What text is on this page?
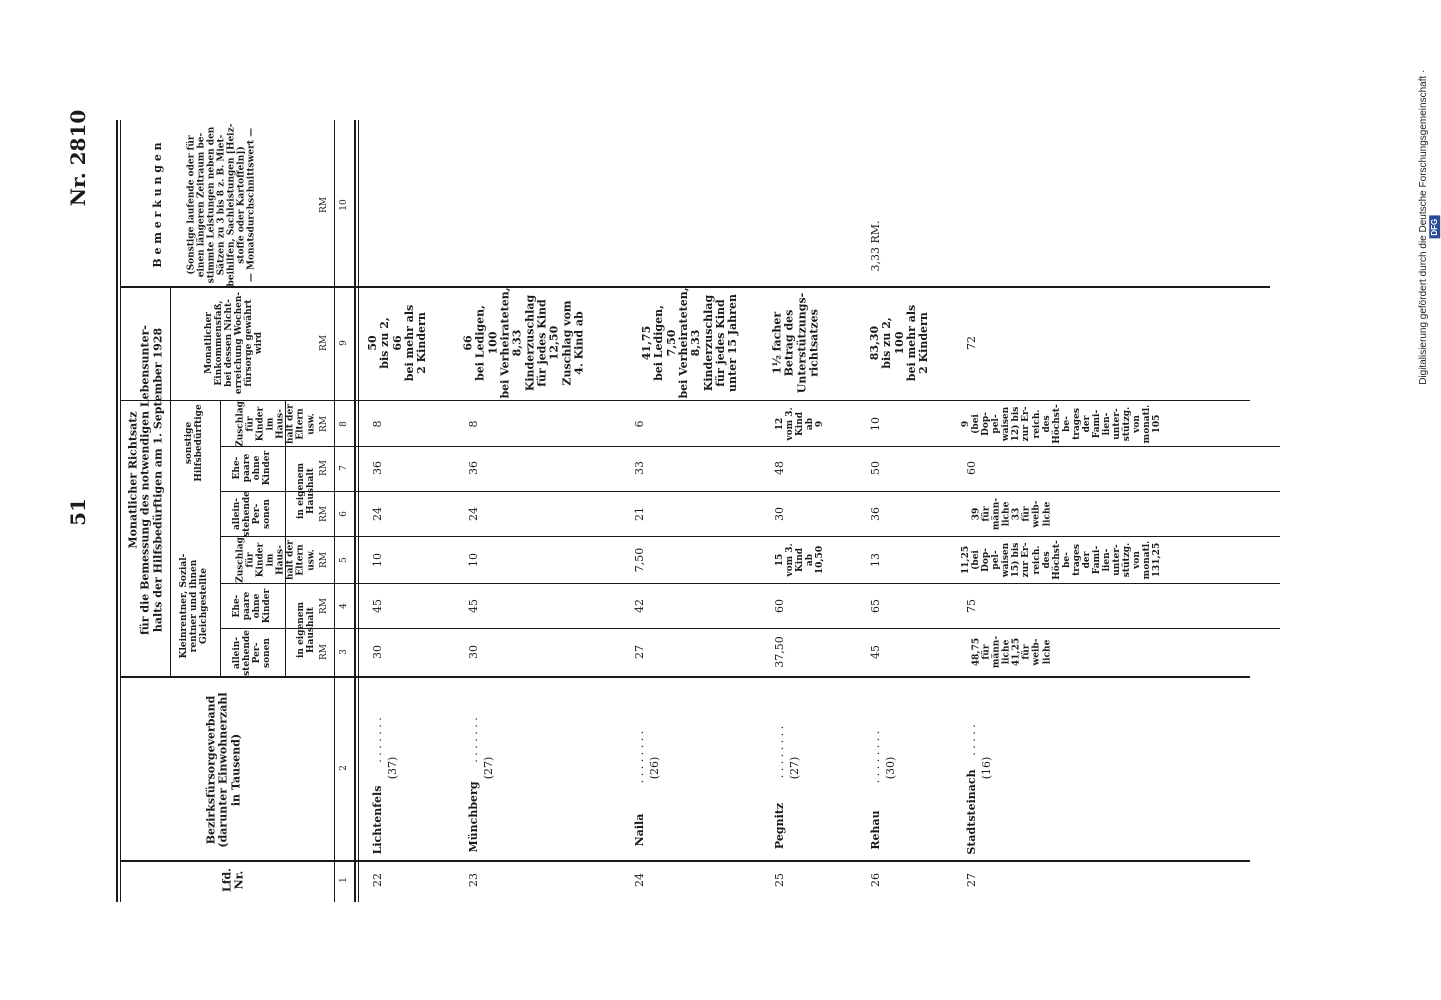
51
Nr. 2810	Digitalisierung gefördert durch die Deutsche Forschungsgemeinschaft ·
DFG

Lfd.
Nr.
Bezirksfürsorgeverband
(darunter Einwohnerzahl
in Tausend)
Monatlicher Richtsatz
für die Bemessung des notwendigen Lebensunter-
halts der Hilfsbedürftigen am 1. September 1928
Kleinrentner, Sozial-
rentner und ihnen
Gleichgestellte
sonstige
Hilfsbedürftige
allein-
stehende
Per-
sonen
Ehe-
paare
ohne
Kinder
Zuschlag
für
Kinder
im
Haus-
halt der
Eltern
usw.
in eigenem
Haushalt
allein-
stehende
Per-
sonen
Ehe-
paare
ohne
Kinder
Zuschlag
für
Kinder
im
Haus-
halt der
Eltern
usw.
in eigenem
Haushalt
Monatlicher
Einkommensfaß,
bei dessen Nicht-
erreichung Wochen-
fürsorge gewährt
wird
B e m e r k u n g e n	(Sonstige laufende oder für
einen längeren Zeitraum be-
stimmte Leistungen neben den
Sätzen zu 3 bis 8 z. B. Miet-
beihilfen, Sachleistungen [Heiz-
stoffe oder Kartoffeln])
— Monatsdurchschnittswert —
RM
RM
RM
RM
RM
RM
RM
RM
1
2
3
4
5
6
7
8
9
10
22
Lichtenfels
. . . . . . .
(37)
30
45
10
24
36
8
50
bis zu 2,
66
bei mehr als
2 Kindern
23
Münchberg
. . . . . . .
(27)
30
45
10
24
36
8
66
bei Ledigen,
100
bei Verheirateten,
8,33
Kinderzuschlag
für jedes Kind
12,50
Zuschlag vom
4. Kind ab
24
Naila
. . . . . . . . (26)
27
42
7,50
21
33
6
41,75
bei Ledigen,
7,50
bei Verheirateten,
8,33
Kinderzuschlag
für jedes Kind
unter 15 Jahren
25
Pegnitz
. . . . . . . . (27)
37,50
60
15
vom 3.
Kind
ab
10,50
30
48
12
vom 3.
Kind
ab
9
1½ facher
Betrag des
Unterstützungs-
richtsatzes
26
Rehau
. . . . . . . . (30)
45
65
13
36
50
10
83,30
bis zu 2,
100
bei mehr als
2 Kindern
3,33 RM.
27
Stadtsteinach
. . . . .
(16)
48,75
für
männ-
liche
41,25
für
weib-
liche
75
11,25
(bei
Dop-
pel-
waisen
15) bis
zur Er-
reich.
des
Höchst-
be-
trages
der
Fami-
lien-
unter-
stützg.
von
monatl.
131,25
39
für
männ-
liche
33
für
weib-
liche
60
9
(bei
Dop-
pel-
waisen
12) bis
zur Er-
reich.
des
Höchst-
be-
trages
der
Fami-
lien-
unter-
stützg.
von
monatl.
105
72
